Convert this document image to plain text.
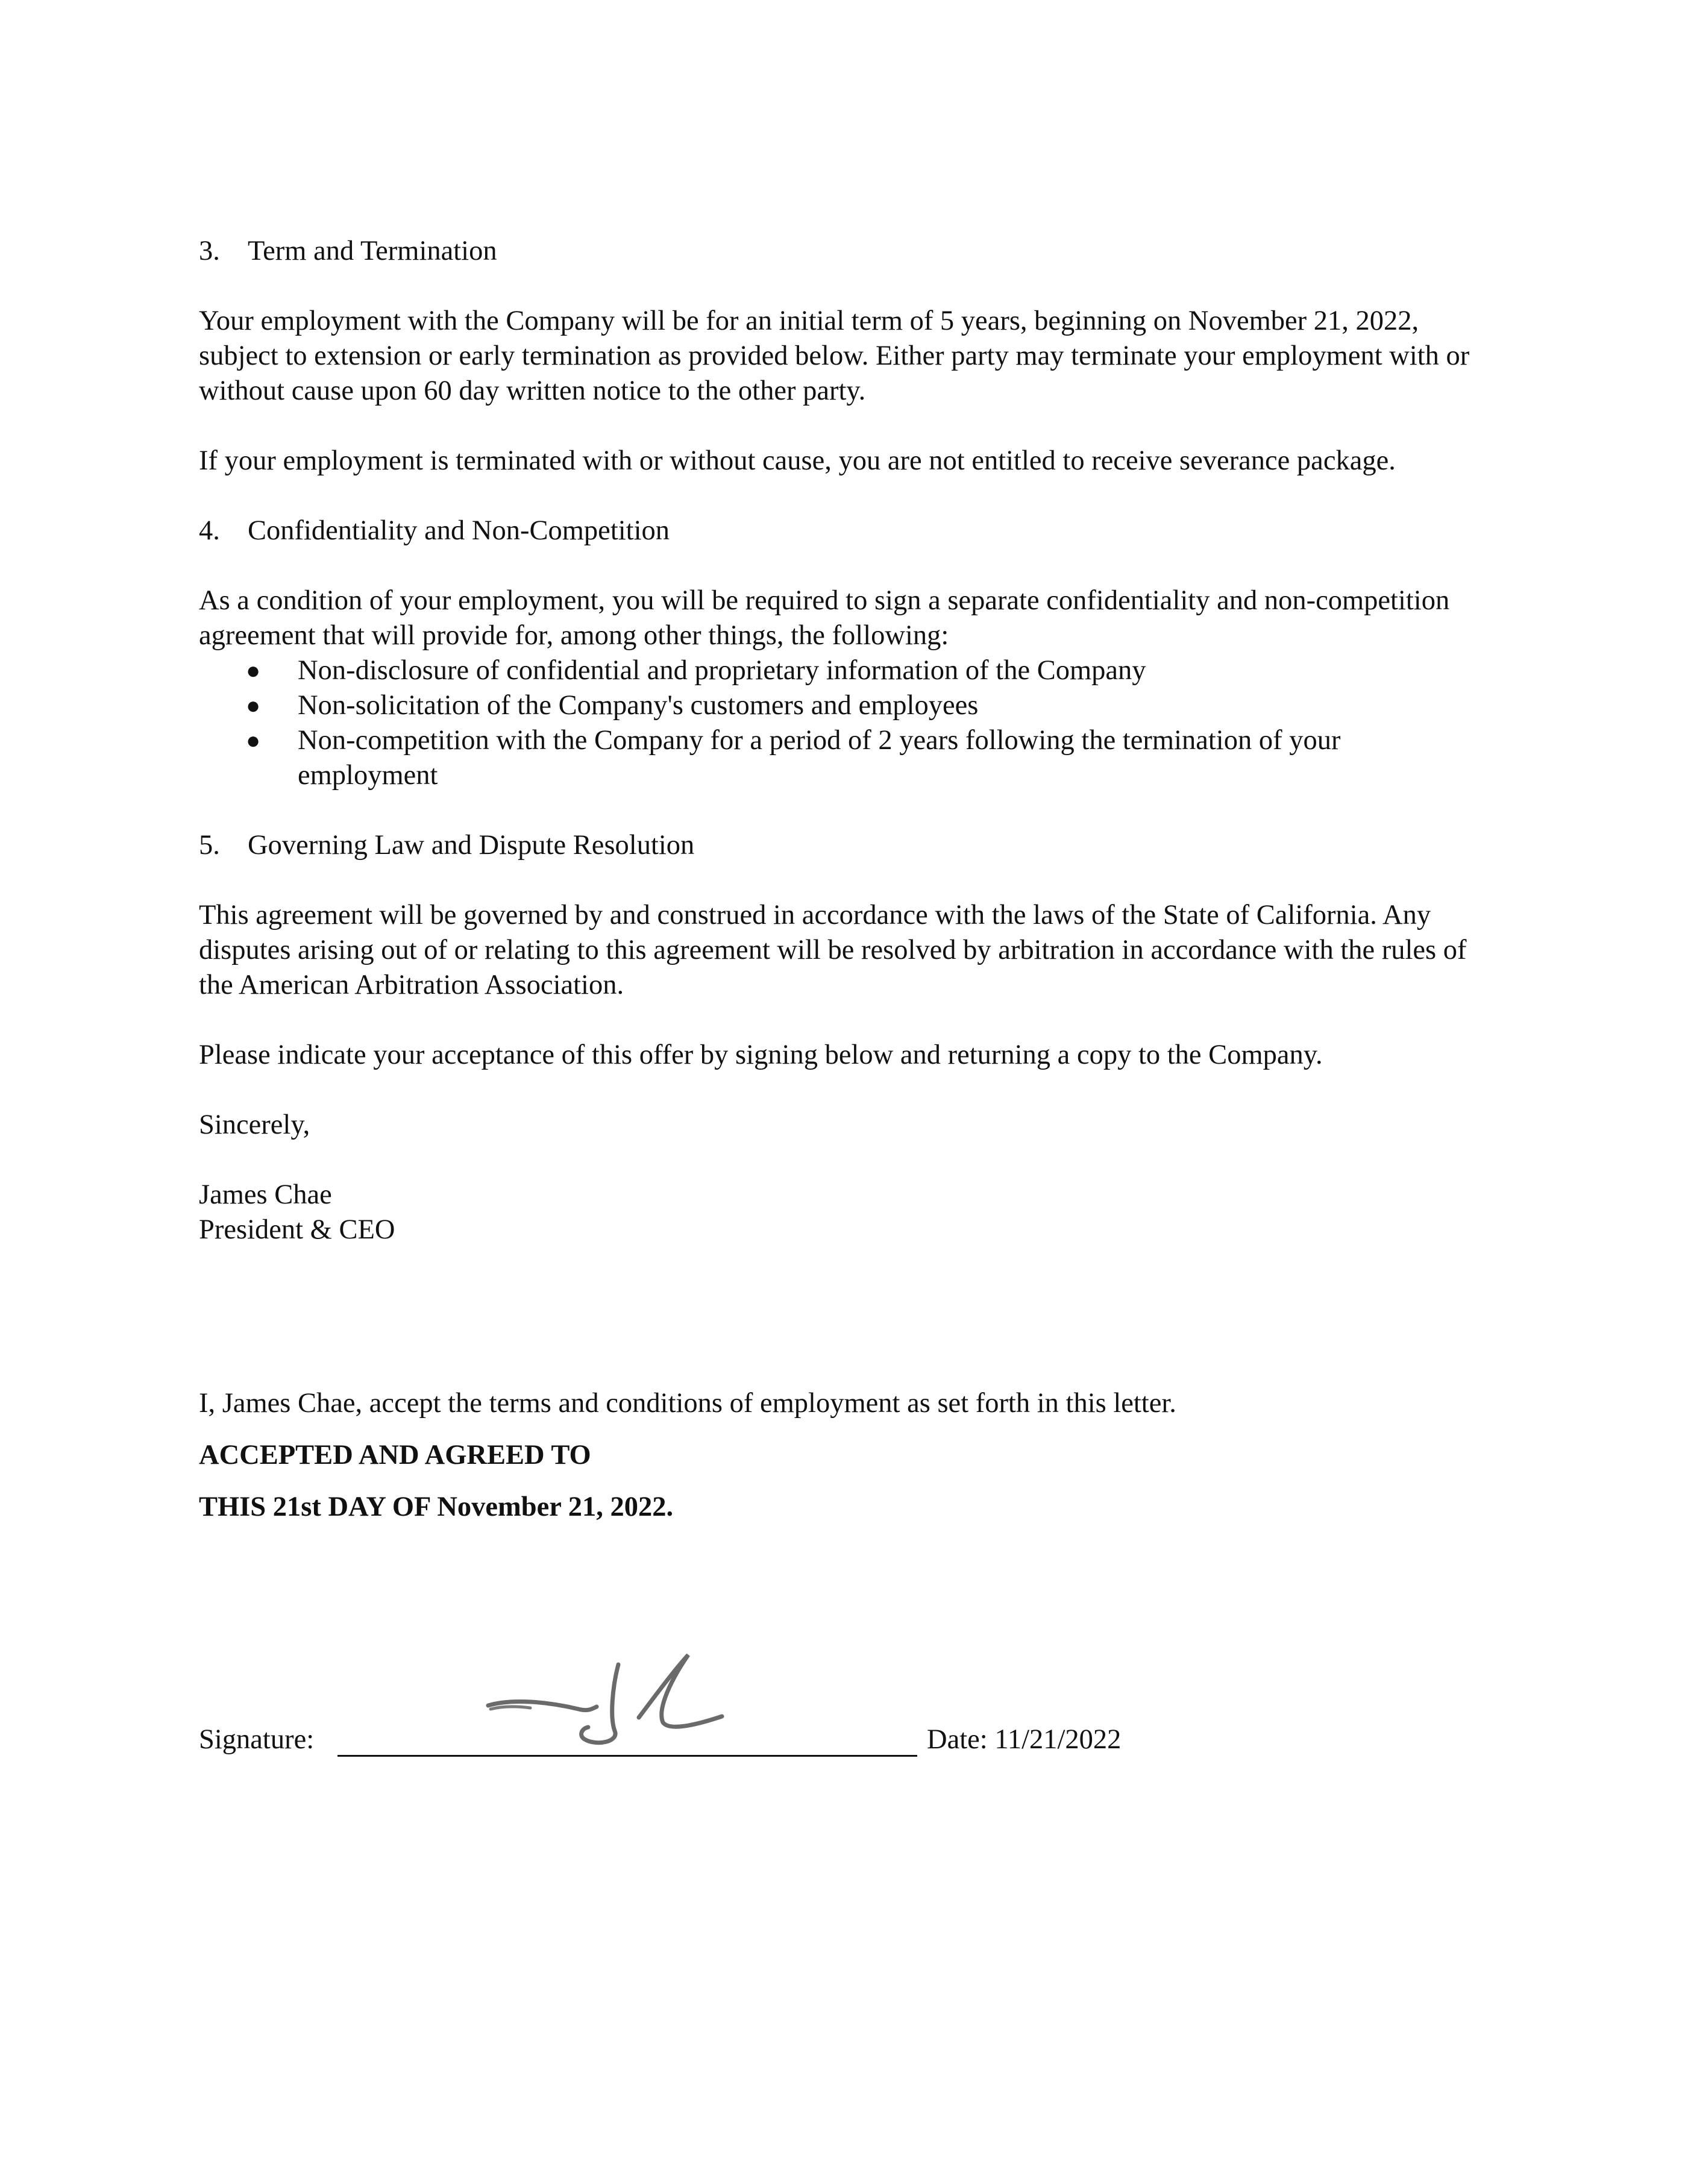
3. Term and Termination

Your employment with the Company will be for an initial term of 5 years, beginning on November 21, 2022, subject to extension or early termination as provided below. Either party may terminate your employment with or without cause upon 60 day written notice to the other party.

If your employment is terminated with or without cause, you are not entitled to receive severance package.

4. Confidentiality and Non-Competition

As a condition of your employment, you will be required to sign a separate confidentiality and non-competition agreement that will provide for, among other things, the following:

●	Non-disclosure of confidential and proprietary information of the Company
●	Non-solicitation of the Company's customers and employees
●	Non-competition with the Company for a period of 2 years following the termination of your employment
5. Governing Law and Dispute Resolution

This agreement will be governed by and construed in accordance with the laws of the State of California. Any disputes arising out of or relating to this agreement will be resolved by arbitration in accordance with the rules of the American Arbitration Association.

Please indicate your acceptance of this offer by signing below and returning a copy to the Company.

Sincerely,

James Chae

President & CEO

I, James Chae, accept the terms and conditions of employment as set forth in this letter.

ACCEPTED AND AGREED TO

THIS 21st DAY OF November 21, 2022.

Signature:	Date: 11/21/2022
